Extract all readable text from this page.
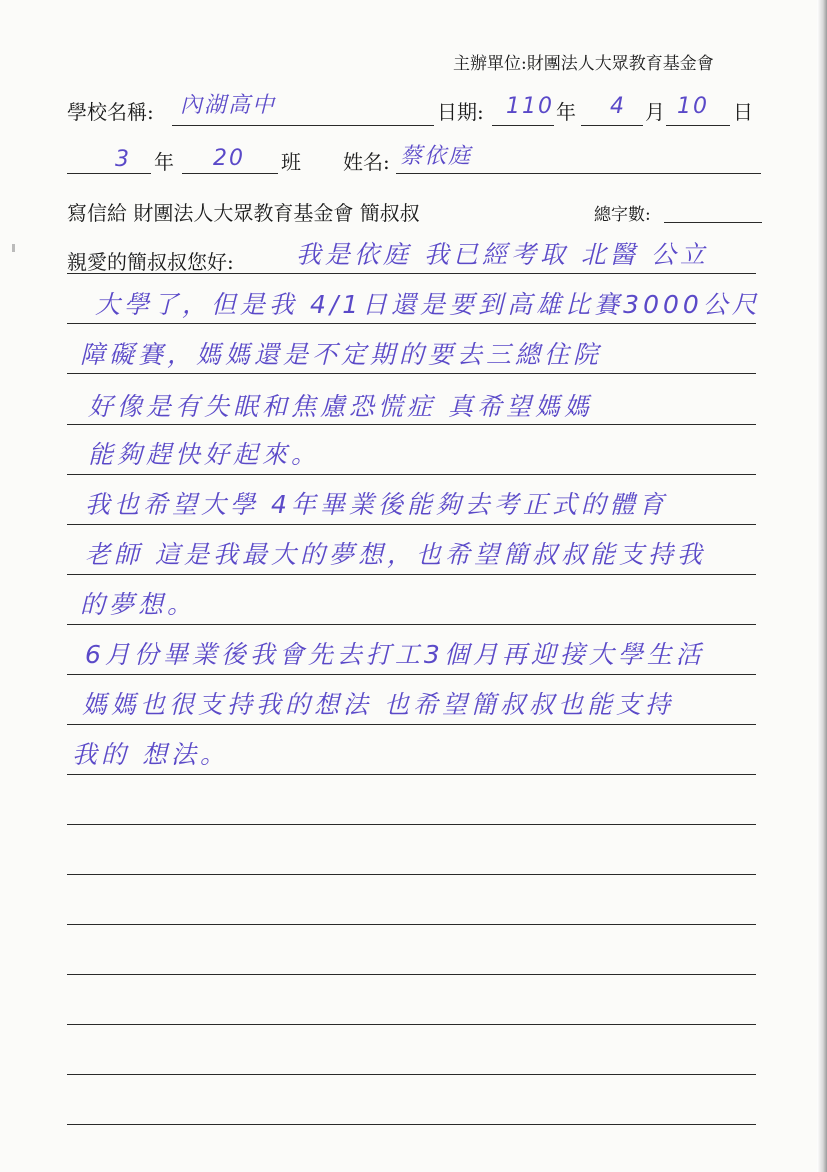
主辦單位:財團法人大眾教育基金會
學校名稱: 內湖高中	日期: 110 年 4 月 10 日
3 年 20 班 姓名: 蔡依庭
寫信給 財團法人大眾教育基金會 簡叔叔	總字數:
親愛的簡叔叔您好: 我是依庭 我已經考取 北醫 公立
大學了，但是我 4/1日還是要到高雄比賽3000公尺
障礙賽，媽媽還是不定期的要去三總住院
好像是有失眠和焦慮恐慌症 真希望媽媽
能夠趕快好起來。
我也希望大學 4年畢業後能夠去考正式的體育
老師 這是我最大的夢想，也希望簡叔叔能支持我
的夢想。
6月份畢業後我會先去打工3個月再迎接大學生活
媽媽也很支持我的想法 也希望簡叔叔也能支持
我的 想法。
